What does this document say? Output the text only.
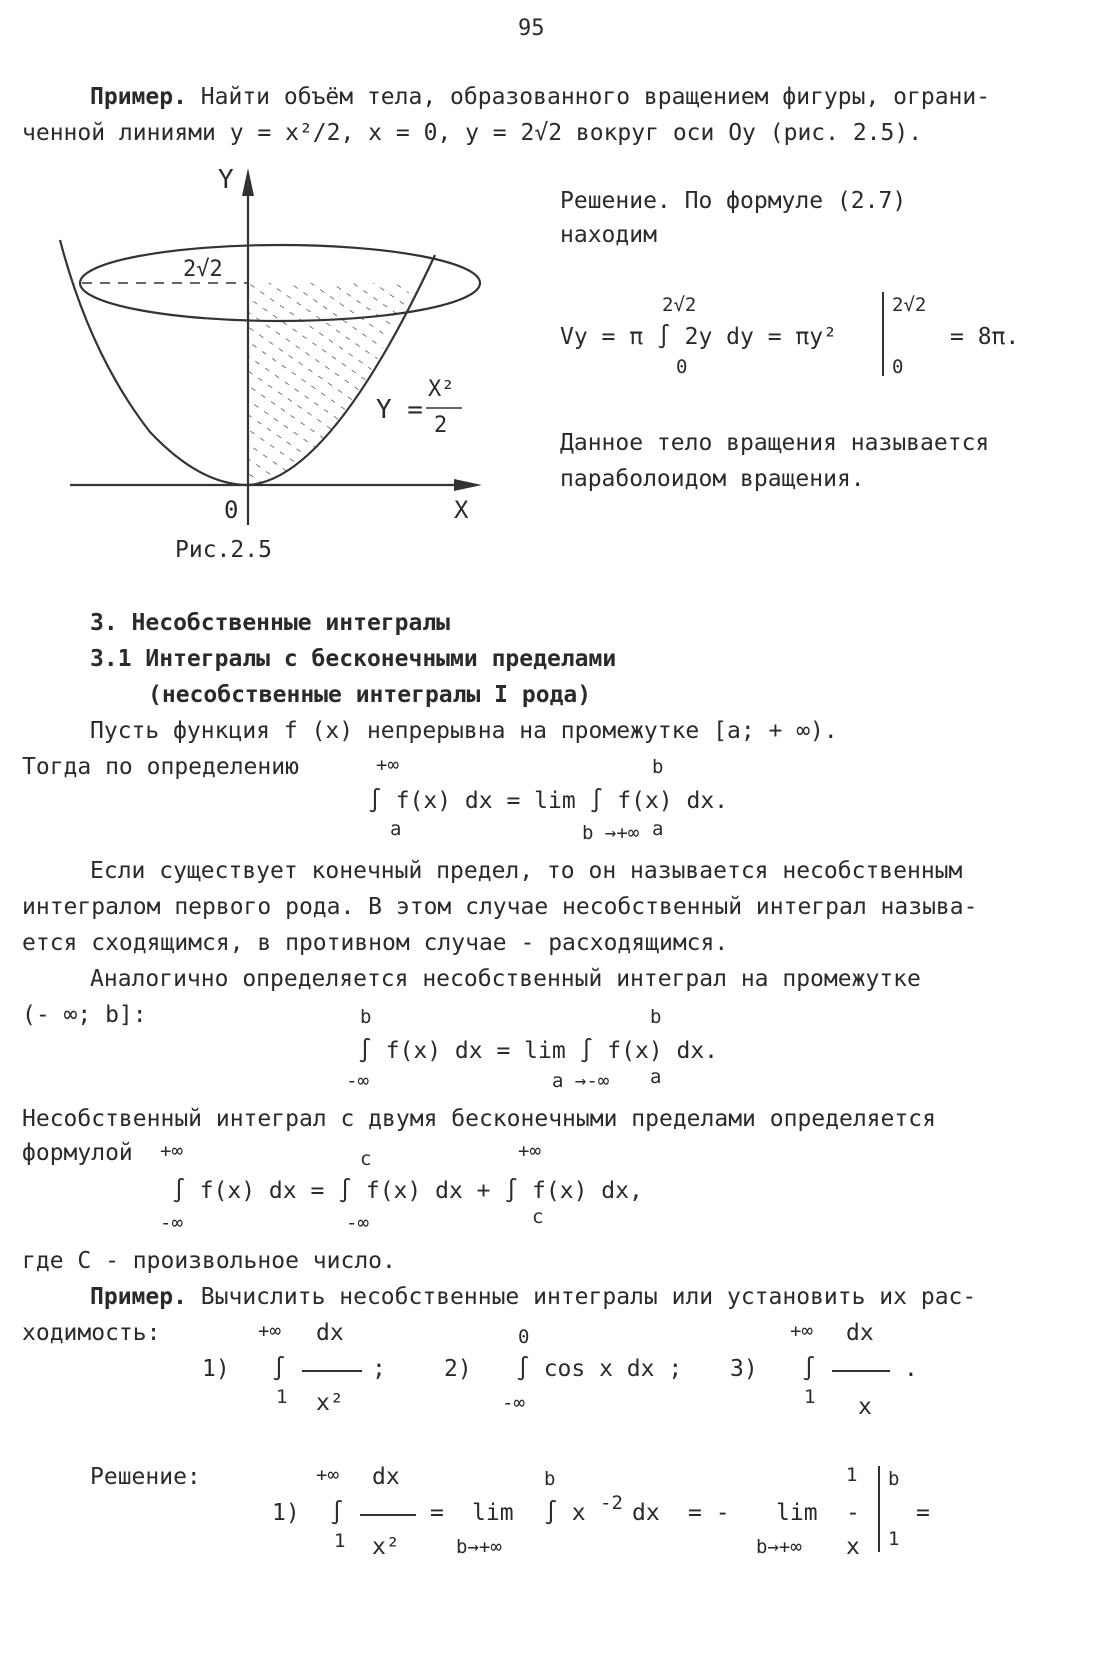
95
Пример. Найти объём тела, образованного вращением фигуры, ограни-
ченной линиями y = x²/2, x = 0, y = 2√2 вокруг оси Оy (рис. 2.5).
Y
X
0
2√2
Y =
X²
2
Рис.2.5
Решение. По формуле (2.7)
находим
2√2
Vy = π ∫ 2y dy = πy²
0
2√2
0
= 8π.
Данное тело вращения называется
параболоидом вращения.
3. Несобственные интегралы
3.1 Интегралы с бесконечными пределами
(несобственные интегралы I рода)
Пусть функция f (x) непрерывна на промежутке [a; + ∞).
Тогда по определению	+∞	b
∫ f(x) dx = lim ∫ f(x) dx.
a	b →+∞ a
Если существует конечный предел, то он называется несобственным
интегралом первого рода. В этом случае несобственный интеграл называ-
ется сходящимся, в противном случае - расходящимся.
Аналогично определяется несобственный интеграл на промежутке
(- ∞; b]:	b	b
∫ f(x) dx = lim ∫ f(x) dx.
-∞	a →-∞ a
Несобственный интеграл с двумя бесконечными пределами определяется
формулой +∞	c	+∞
∫ f(x) dx = ∫ f(x) dx + ∫ f(x) dx,
-∞	-∞	c
где С - произвольное число.
Пример. Вычислить несобственные интегралы или установить их рас-
ходимость:	+∞ dx
1) ∫	;
1 x²
0
2) ∫ cos x dx ;
-∞
+∞ dx
3) ∫	.
1 x
Решение:	+∞ dx	b	1 b
1) ∫	= lim ∫ x -2 dx = - lim - =
1 x²	b→+∞	b→+∞ x 1
